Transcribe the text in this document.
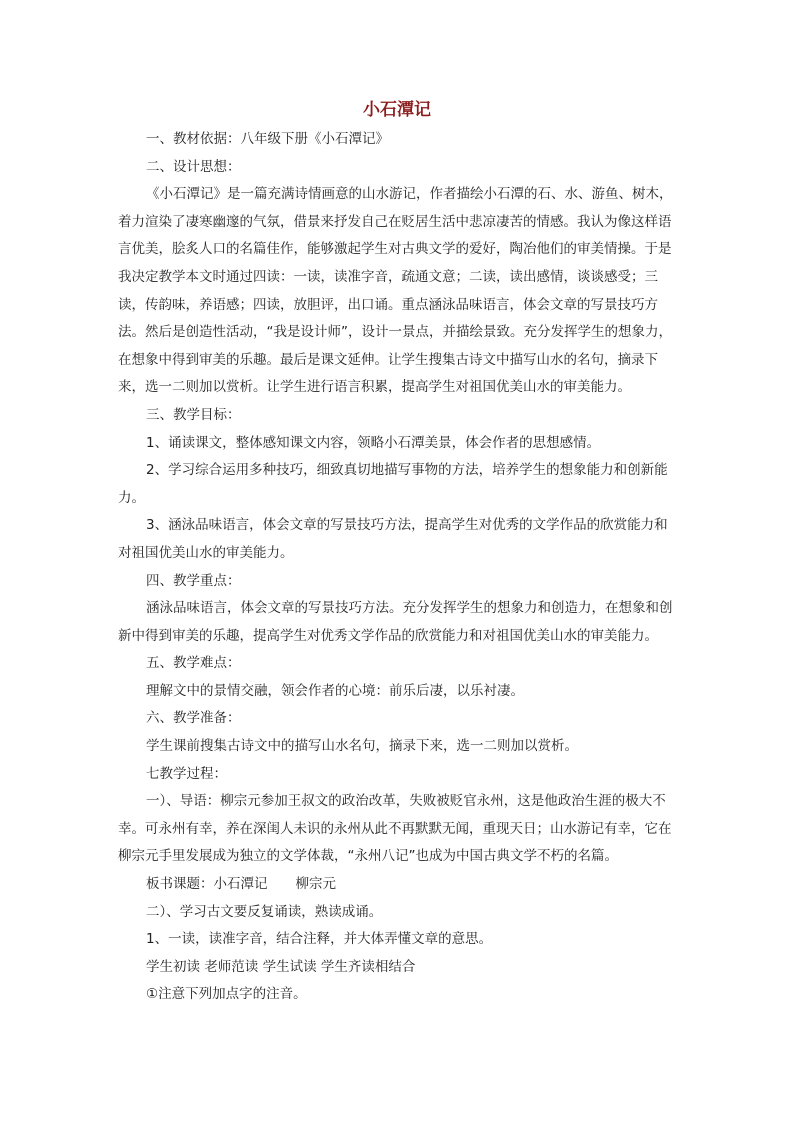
小石潭记

一、教材依据：八年级下册《小石潭记》

二、设计思想：

《小石潭记》是一篇充满诗情画意的山水游记，作者描绘小石潭的石、水、游鱼、树木，着力渲染了凄寒幽邃的气氛，借景来抒发自己在贬居生活中悲凉凄苦的情感。我认为像这样语言优美，脍炙人口的名篇佳作，能够激起学生对古典文学的爱好，陶冶他们的审美情操。于是我决定教学本文时通过四读：一读，读准字音，疏通文意；二读，读出感情，谈谈感受；三读，传韵味，养语感；四读，放胆评，出口诵。重点涵泳品味语言，体会文章的写景技巧方法。然后是创造性活动，“我是设计师”，设计一景点，并描绘景致。充分发挥学生的想象力，在想象中得到审美的乐趣。最后是课文延伸。让学生搜集古诗文中描写山水的名句，摘录下来，选一二则加以赏析。让学生进行语言积累，提高学生对祖国优美山水的审美能力。

三、教学目标：

1、诵读课文，整体感知课文内容，领略小石潭美景，体会作者的思想感情。

2、学习综合运用多种技巧，细致真切地描写事物的方法，培养学生的想象能力和创新能力。

3、涵泳品味语言，体会文章的写景技巧方法，提高学生对优秀的文学作品的欣赏能力和对祖国优美山水的审美能力。

四、教学重点：

涵泳品味语言，体会文章的写景技巧方法。充分发挥学生的想象力和创造力，在想象和创新中得到审美的乐趣，提高学生对优秀文学作品的欣赏能力和对祖国优美山水的审美能力。

五、教学难点：

理解文中的景情交融，领会作者的心境：前乐后凄，以乐衬凄。

六、教学准备：

学生课前搜集古诗文中的描写山水名句，摘录下来，选一二则加以赏析。

七教学过程：

一）、导语：柳宗元参加王叔文的政治改革，失败被贬官永州，这是他政治生涯的极大不幸。可永州有幸，养在深闺人未识的永州从此不再默默无闻，重现天日；山水游记有幸，它在柳宗元手里发展成为独立的文学体裁，“永州八记”也成为中国古典文学不朽的名篇。

板书课题：小石潭记 柳宗元

二）、学习古文要反复诵读，熟读成诵。

1、一读，读准字音，结合注释，并大体弄懂文章的意思。

学生初读 老师范读 学生试读 学生齐读相结合

①注意下列加点字的注音。
